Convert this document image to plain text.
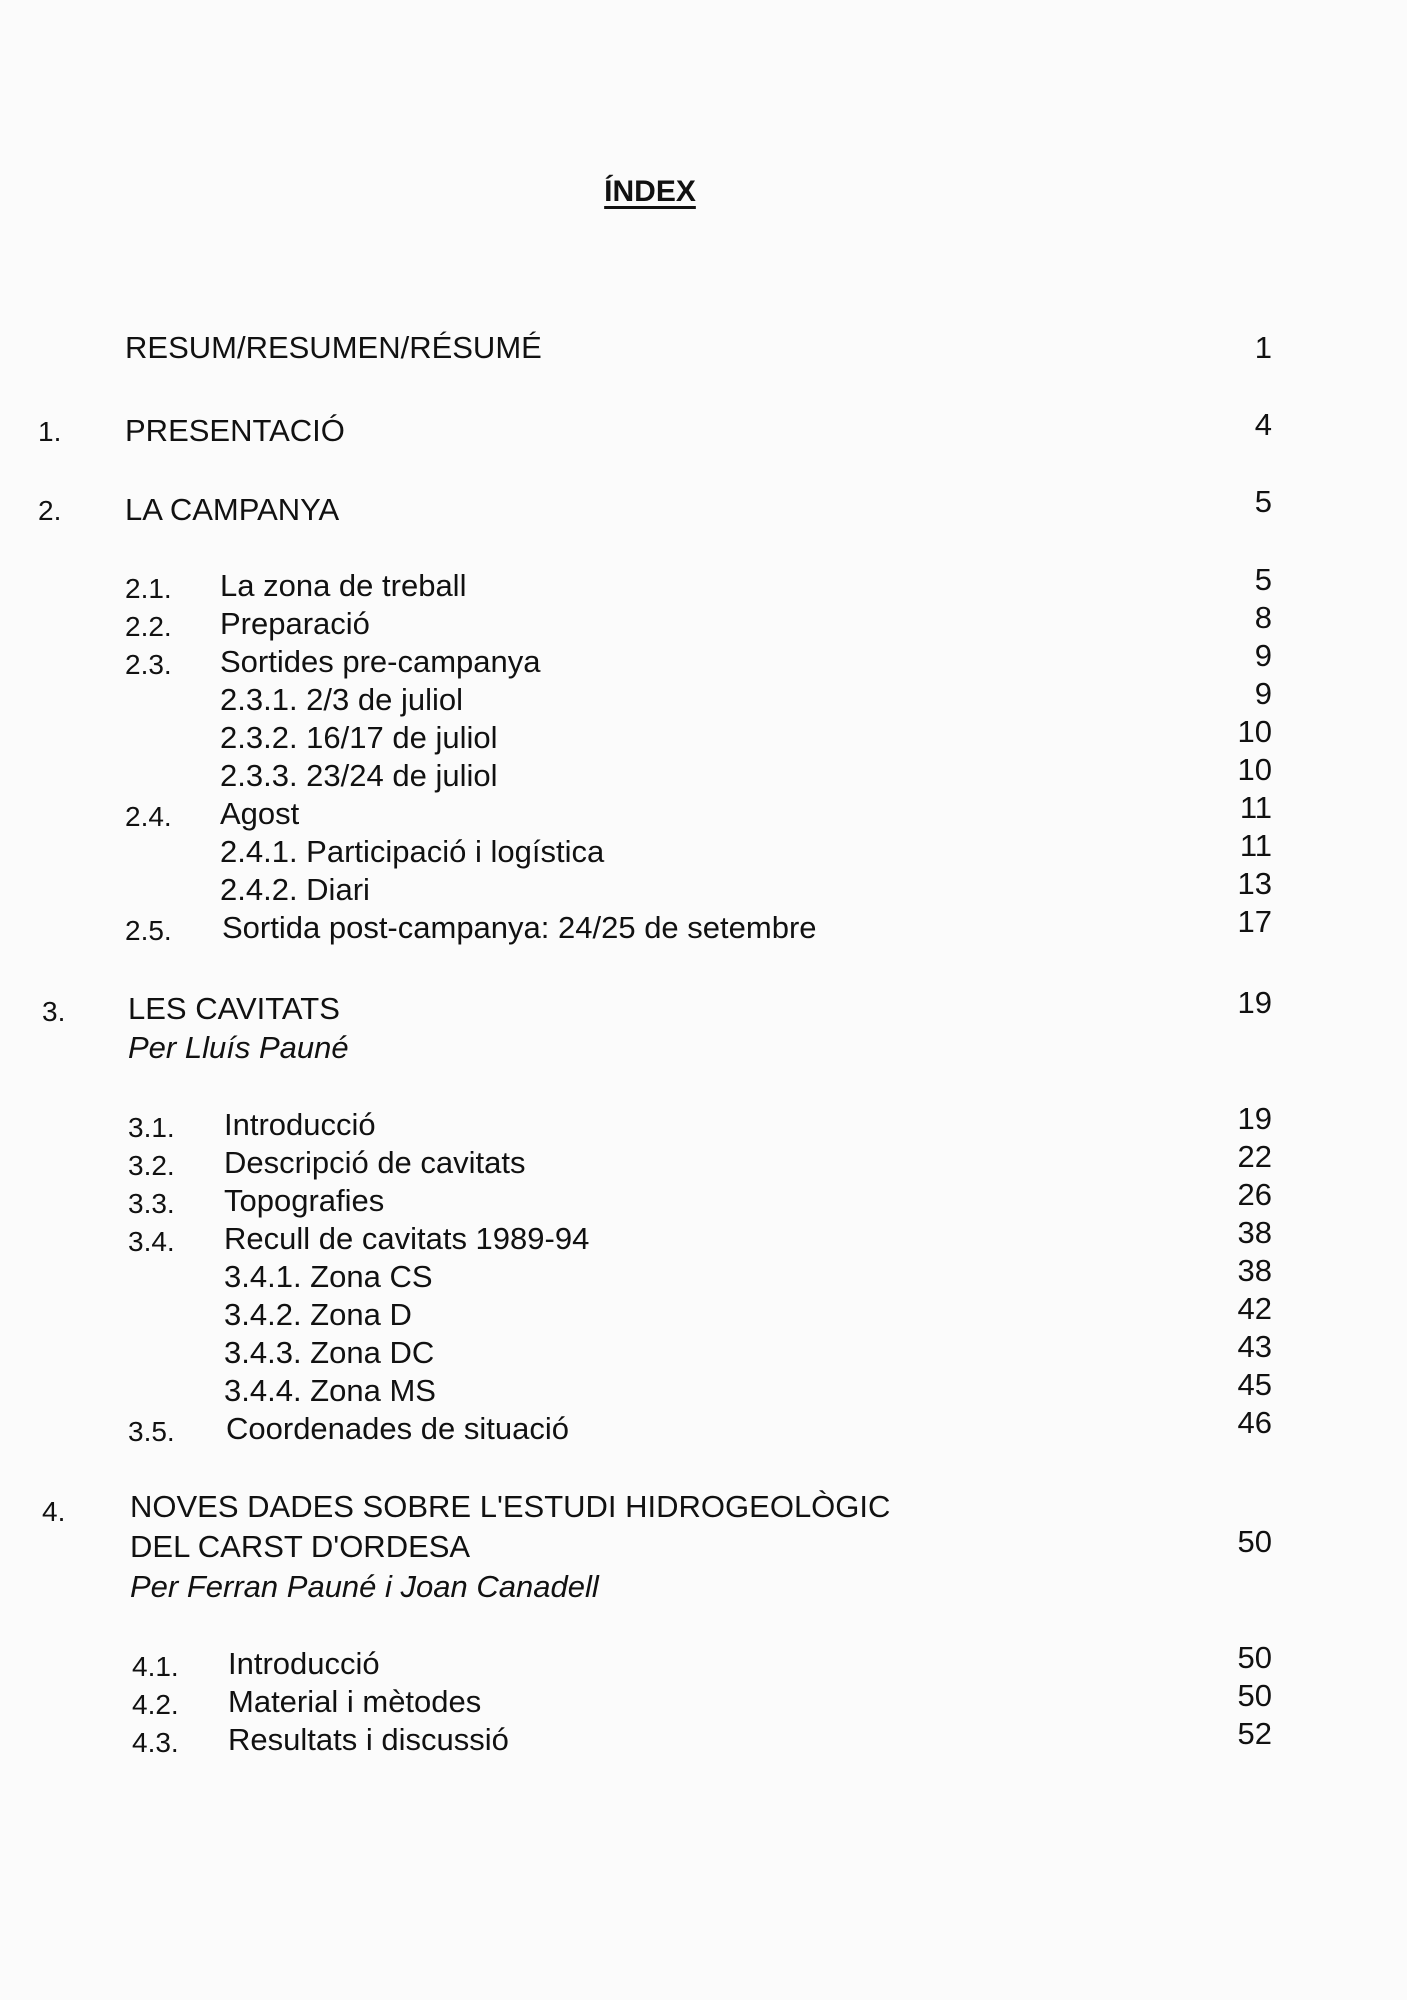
ÍNDEX
RESUM/RESUMEN/RÉSUMÉ	1
1. PRESENTACIÓ	4
2. LA CAMPANYA	5
2.1. La zona de treball	5
2.2. Preparació	8
2.3. Sortides pre-campanya	9
2.3.1. 2/3 de juliol	9
2.3.2. 16/17 de juliol	10
2.3.3. 23/24 de juliol	10
2.4. Agost	11
2.4.1. Participació i logística	11
2.4.2. Diari	13
2.5. Sortida post-campanya: 24/25 de setembre	17
3. LES CAVITATS	19
Per Lluís Pauné
3.1. Introducció	19
3.2. Descripció de cavitats	22
3.3. Topografies	26
3.4. Recull de cavitats 1989-94	38
3.4.1. Zona CS	38
3.4.2. Zona D	42
3.4.3. Zona DC	43
3.4.4. Zona MS	45
3.5. Coordenades de situació	46
4. NOVES DADES SOBRE L'ESTUDI HIDROGEOLÒGIC
DEL CARST D'ORDESA	50
Per Ferran Pauné i Joan Canadell
4.1. Introducció	50
4.2. Material i mètodes	50
4.3. Resultats i discussió	52
